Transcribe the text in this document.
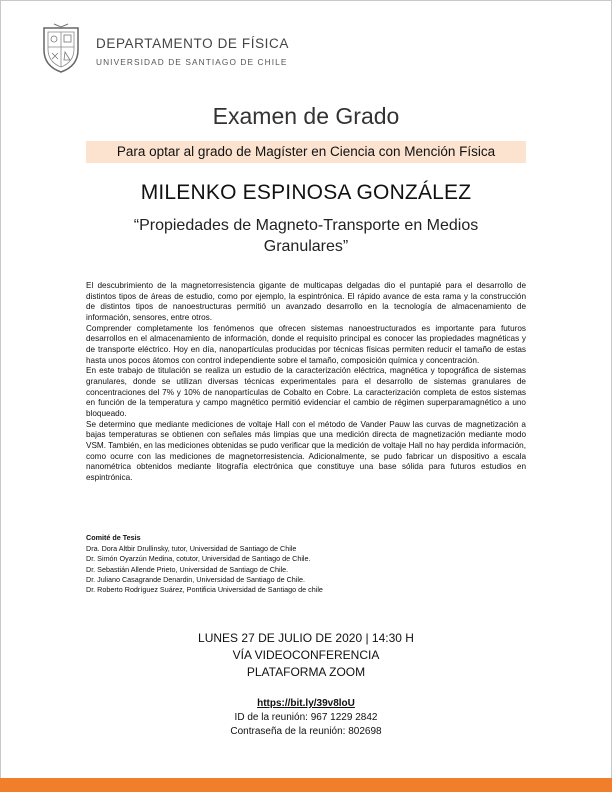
DEPARTAMENTO DE FÍSICA
UNIVERSIDAD DE SANTIAGO DE CHILE
Examen de Grado
Para optar al grado de Magíster en Ciencia con Mención Física
MILENKO ESPINOSA GONZÁLEZ
“Propiedades de Magneto-Transporte en Medios Granulares”

El descubrimiento de la magnetorresistencia gigante de multicapas delgadas dio el puntapié para el desarrollo de distintos tipos de áreas de estudio, como por ejemplo, la espintrónica. El rápido avance de esta rama y la construcción de distintos tipos de nanoestructuras permitió un avanzado desarrollo en la tecnología de almacenamiento de información, sensores, entre otros.

Comprender completamente los fenómenos que ofrecen sistemas nanoestructurados es importante para futuros desarrollos en el almacenamiento de información, donde el requisito principal es conocer las propiedades magnéticas y de transporte eléctrico. Hoy en día, nanopartículas producidas por técnicas físicas permiten reducir el tamaño de estas hasta unos pocos átomos con control independiente sobre el tamaño, composición química y concentración.

En este trabajo de titulación se realiza un estudio de la caracterización eléctrica, magnética y topográfica de sistemas granulares, donde se utilizan diversas técnicas experimentales para el desarrollo de sistemas granulares de concentraciones del 7% y 10% de nanopartículas de Cobalto en Cobre. La caracterización completa de estos sistemas en función de la temperatura y campo magnético permitió evidenciar el cambio de régimen superparamagnético a uno bloqueado.

Se determino que mediante mediciones de voltaje Hall con el método de Vander Pauw las curvas de magnetización a bajas temperaturas se obtienen con señales más limpias que una medición directa de magnetización mediante modo VSM. También, en las mediciones obtenidas se pudo verificar que la medición de voltaje Hall no hay perdida información, como ocurre con las mediciones de magnetorresistencia. Adicionalmente, se pudo fabricar un dispositivo a escala nanométrica obtenidos mediante litografía electrónica que constituye una base sólida para futuros estudios en espintrónica.

Comité de Tesis
Dra. Dora Altbir Drullinsky, tutor, Universidad de Santiago de Chile
Dr. Simón Oyarzún Medina, cotutor, Universidad de Santiago de Chile.
Dr. Sebastián Allende Prieto, Universidad de Santiago de Chile.
Dr. Juliano Casagrande Denardin, Universidad de Santiago de Chile.
Dr. Roberto Rodríguez Suárez, Pontificia Universidad de Santiago de chile
LUNES 27 DE JULIO DE 2020 | 14:30 H
VÍA VIDEOCONFERENCIA
PLATAFORMA ZOOM
https://bit.ly/39v8loU
ID de la reunión: 967 1229 2842
Contraseña de la reunión: 802698
